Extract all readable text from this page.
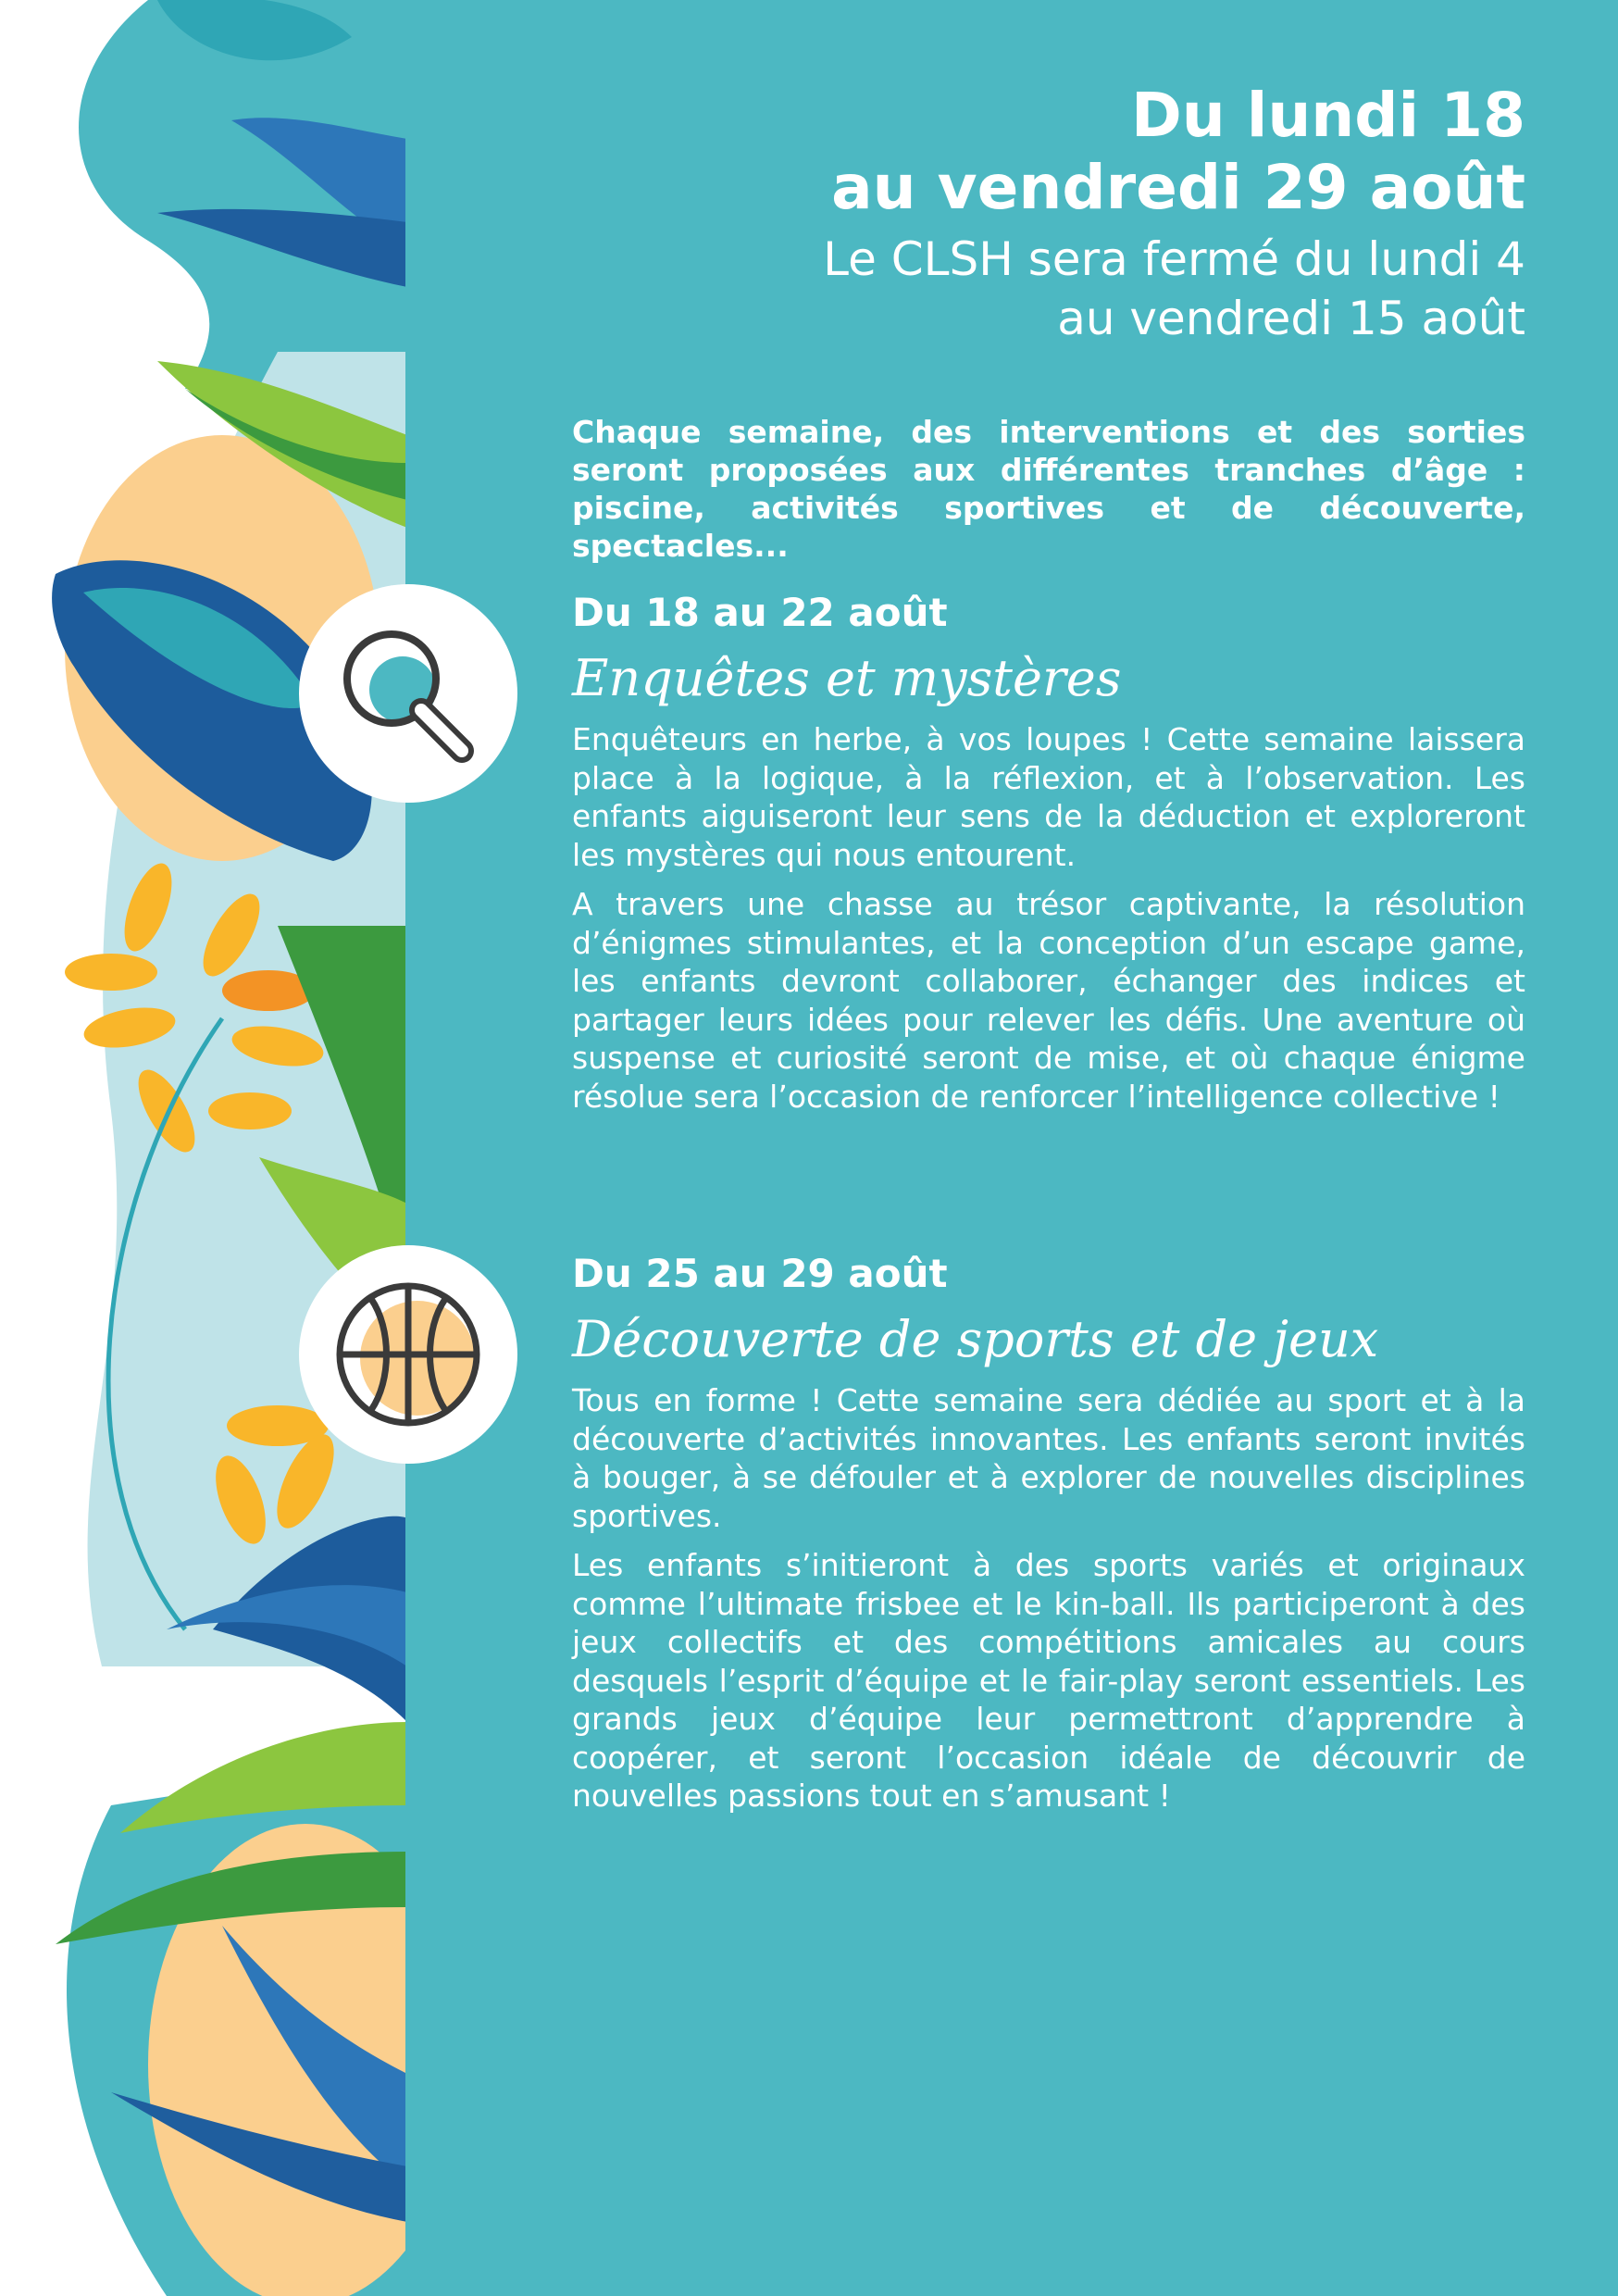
Du lundi 18
au vendredi 29 août
Le CLSH sera fermé du lundi 4
au vendredi 15 août
Chaque semaine, des interventions et des sorties seront proposées aux différentes tranches d’âge : piscine, activités sportives et de découverte, spectacles...
Du 18 au 22 août
Enquêtes et mystères

Enquêteurs en herbe, à vos loupes ! Cette semaine laissera place à la logique, à la réflexion, et à l’observation. Les enfants aiguiseront leur sens de la déduction et exploreront les mystères qui nous entourent.

A travers une chasse au trésor captivante, la résolution d’énigmes stimulantes, et la conception d’un escape game, les enfants devront collaborer, échanger des indices et partager leurs idées pour relever les défis. Une aventure où suspense et curiosité seront de mise, et où chaque énigme résolue sera l’occasion de renforcer l’intelligence collective !

Du 25 au 29 août
Découverte de sports et de jeux

Tous en forme ! Cette semaine sera dédiée au sport et à la découverte d’activités innovantes. Les enfants seront invités à bouger, à se défouler et à explorer de nouvelles disciplines sportives.

Les enfants s’initieront à des sports variés et originaux comme l’ultimate frisbee et le kin-ball. Ils participeront à des jeux collectifs et des compétitions amicales au cours desquels l’esprit d’équipe et le fair-play seront essentiels. Les grands jeux d’équipe leur permettront d’apprendre à coopérer, et seront l’occasion idéale de découvrir de nouvelles passions tout en s’amusant !
